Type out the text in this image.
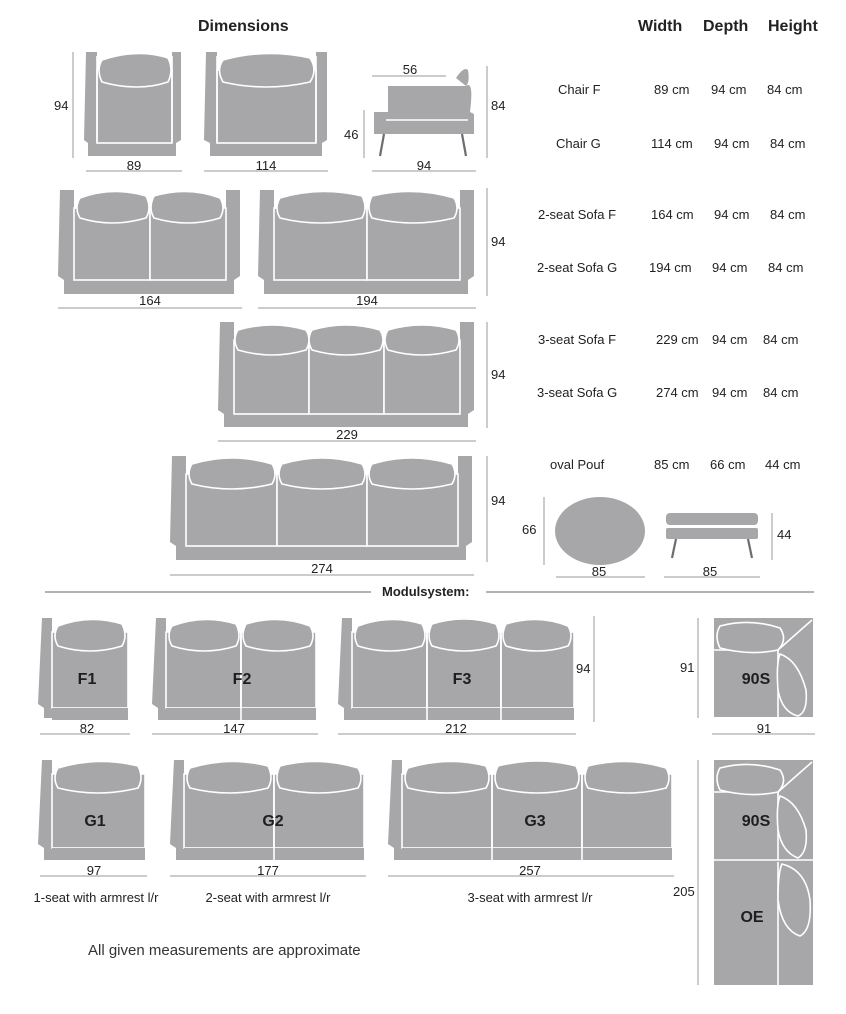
Dimensions	Width Depth Height
Chair F	89 cm 94 cm 84 cm
Chair G	114 cm 94 cm 84 cm
2-seat Sofa F	164 cm 94 cm 84 cm
2-seat Sofa G 194 cm 94 cm 84 cm
3-seat Sofa F	229 cm 94 cm 84 cm
3-seat Sofa G	274 cm 94 cm 84 cm
oval Pouf	85 cm 66 cm 44 cm
94
89	114
56
46
84
94
164	194
94
229
94
274
94
66
85
44
85
Modulsystem:
F1	F2	F3	90S
82	147	212
94	91
91
G1	G2	G3	90S
OE
97	177	257
205
1-seat with armrest l/r	2-seat with armrest l/r	3-seat with armrest l/r
All given measurements are approximate
